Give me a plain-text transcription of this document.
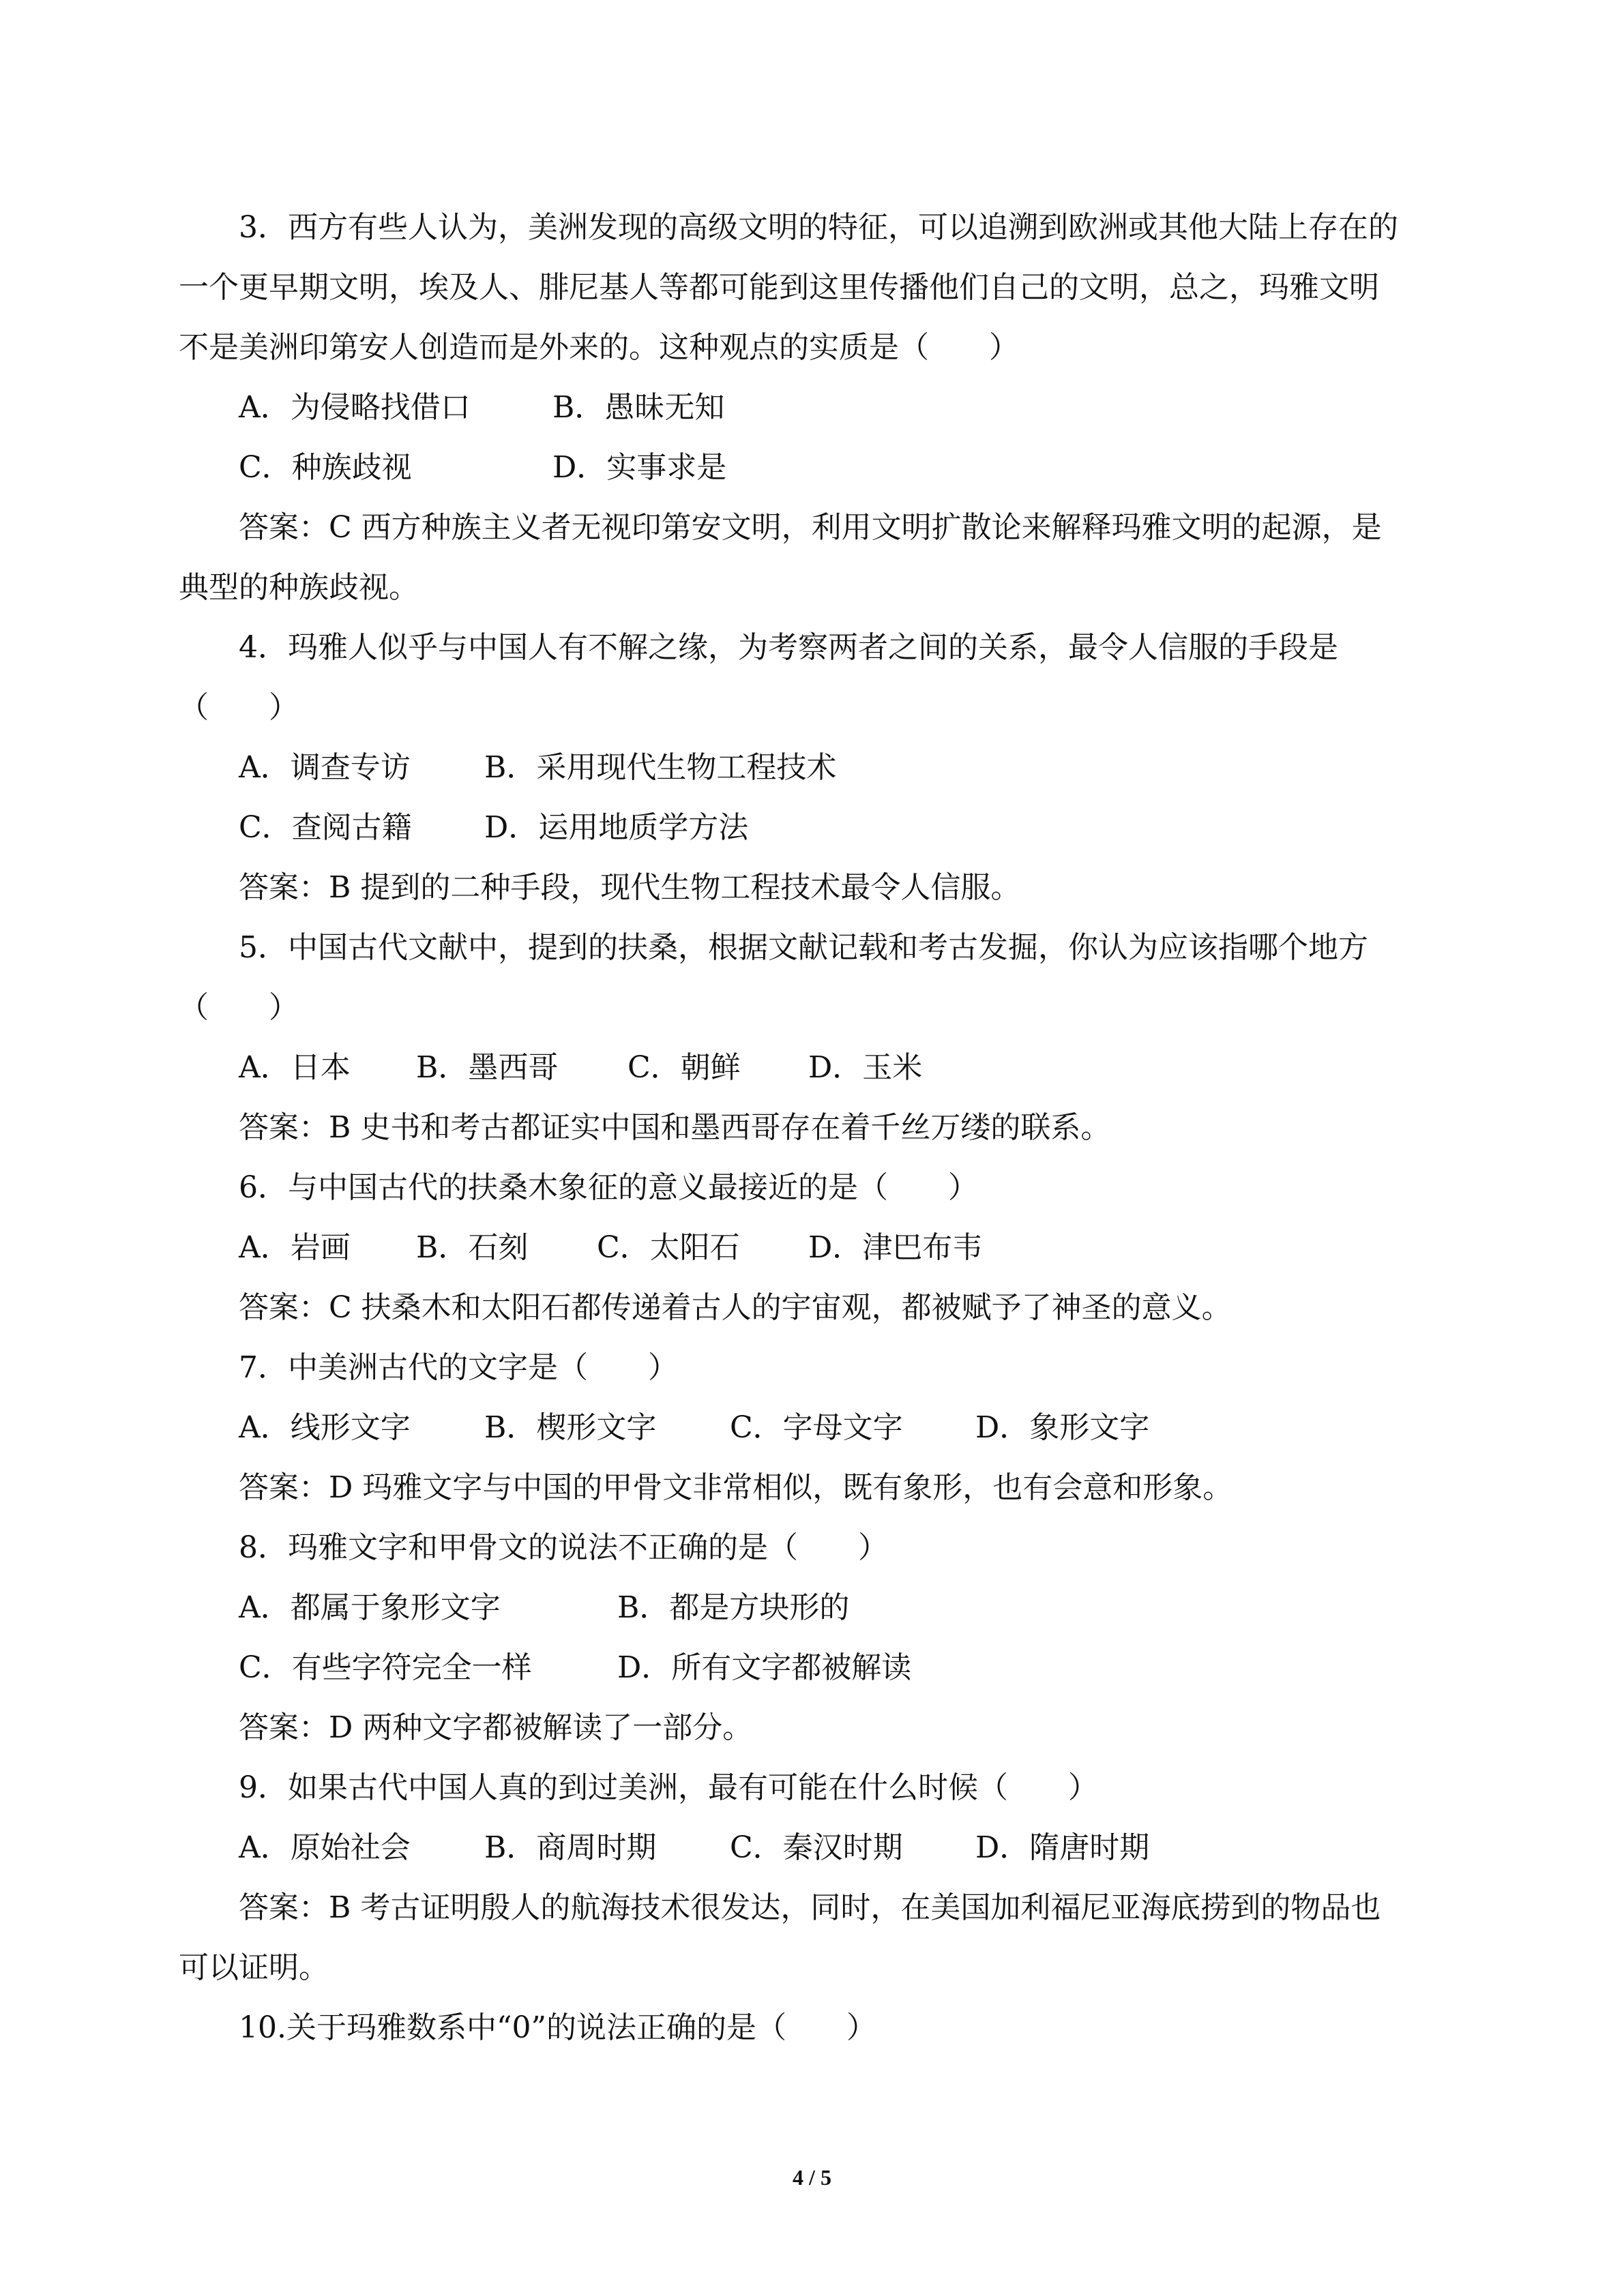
3．西方有些人认为，美洲发现的高级文明的特征，可以追溯到欧洲或其他大陆上存在的

一个更早期文明，埃及人、腓尼基人等都可能到这里传播他们自己的文明，总之，玛雅文明

不是美洲印第安人创造而是外来的。这种观点的实质是（　　）

A．为侵略找借口	B．愚昧无知

C．种族歧视	D．实事求是

答案：C 西方种族主义者无视印第安文明，利用文明扩散论来解释玛雅文明的起源，是

典型的种族歧视。

4．玛雅人似乎与中国人有不解之缘，为考察两者之间的关系，最令人信服的手段是

（　　）

A．调查专访 B．采用现代生物工程技术

C．查阅古籍 D．运用地质学方法

答案：B 提到的二种手段，现代生物工程技术最令人信服。

5．中国古代文献中，提到的扶桑，根据文献记载和考古发掘，你认为应该指哪个地方

（　　）

A．日本 B．墨西哥 C．朝鲜 D．玉米

答案：B 史书和考古都证实中国和墨西哥存在着千丝万缕的联系。

6．与中国古代的扶桑木象征的意义最接近的是（　　）

A．岩画 B．石刻 C．太阳石 D．津巴布韦

答案：C 扶桑木和太阳石都传递着古人的宇宙观，都被赋予了神圣的意义。

7．中美洲古代的文字是（　　）

A．线形文字 B．楔形文字 C．字母文字 D．象形文字

答案：D 玛雅文字与中国的甲骨文非常相似，既有象形，也有会意和形象。

8．玛雅文字和甲骨文的说法不正确的是（　　）

A．都属于象形文字	B．都是方块形的

C．有些字符完全一样	D．所有文字都被解读

答案：D 两种文字都被解读了一部分。

9．如果古代中国人真的到过美洲，最有可能在什么时候（　　）

A．原始社会 B．商周时期 C．秦汉时期 D．隋唐时期

答案：B 考古证明殷人的航海技术很发达，同时，在美国加利福尼亚海底捞到的物品也

可以证明。

10.关于玛雅数系中“0”的说法正确的是（　　）

4 / 5
